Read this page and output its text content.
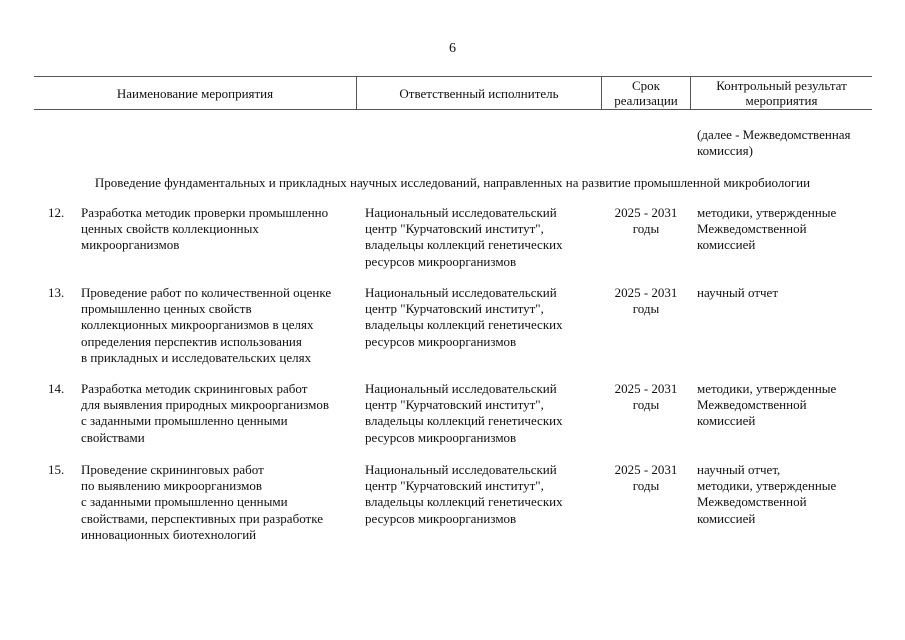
6
Наименование мероприятия	Ответственный исполнитель	Срок
реализации
Контрольный результат
мероприятия
(далее - Межведомственная
комиссия)
Проведение фундаментальных и прикладных научных исследований, направленных на развитие промышленной микробиологии
12. Разработка методик проверки промышленно
ценных свойств коллекционных
микроорганизмов
Национальный исследовательский
центр "Курчатовский институт",
владельцы коллекций генетических
ресурсов микроорганизмов
2025 - 2031
годы
методики, утвержденные
Межведомственной
комиссией
13. Проведение работ по количественной оценке
промышленно ценных свойств
коллекционных микроорганизмов в целях
определения перспектив использования
в прикладных и исследовательских целях
Национальный исследовательский
центр "Курчатовский институт",
владельцы коллекций генетических
ресурсов микроорганизмов
2025 - 2031
годы
научный отчет
14. Разработка методик скрининговых работ
для выявления природных микроорганизмов
с заданными промышленно ценными
свойствами
Национальный исследовательский
центр "Курчатовский институт",
владельцы коллекций генетических
ресурсов микроорганизмов
2025 - 2031
годы
методики, утвержденные
Межведомственной
комиссией
15. Проведение скрининговых работ
по выявлению микроорганизмов
с заданными промышленно ценными
свойствами, перспективных при разработке
инновационных биотехнологий
Национальный исследовательский
центр "Курчатовский институт",
владельцы коллекций генетических
ресурсов микроорганизмов
2025 - 2031
годы
научный отчет,
методики, утвержденные
Межведомственной
комиссией
